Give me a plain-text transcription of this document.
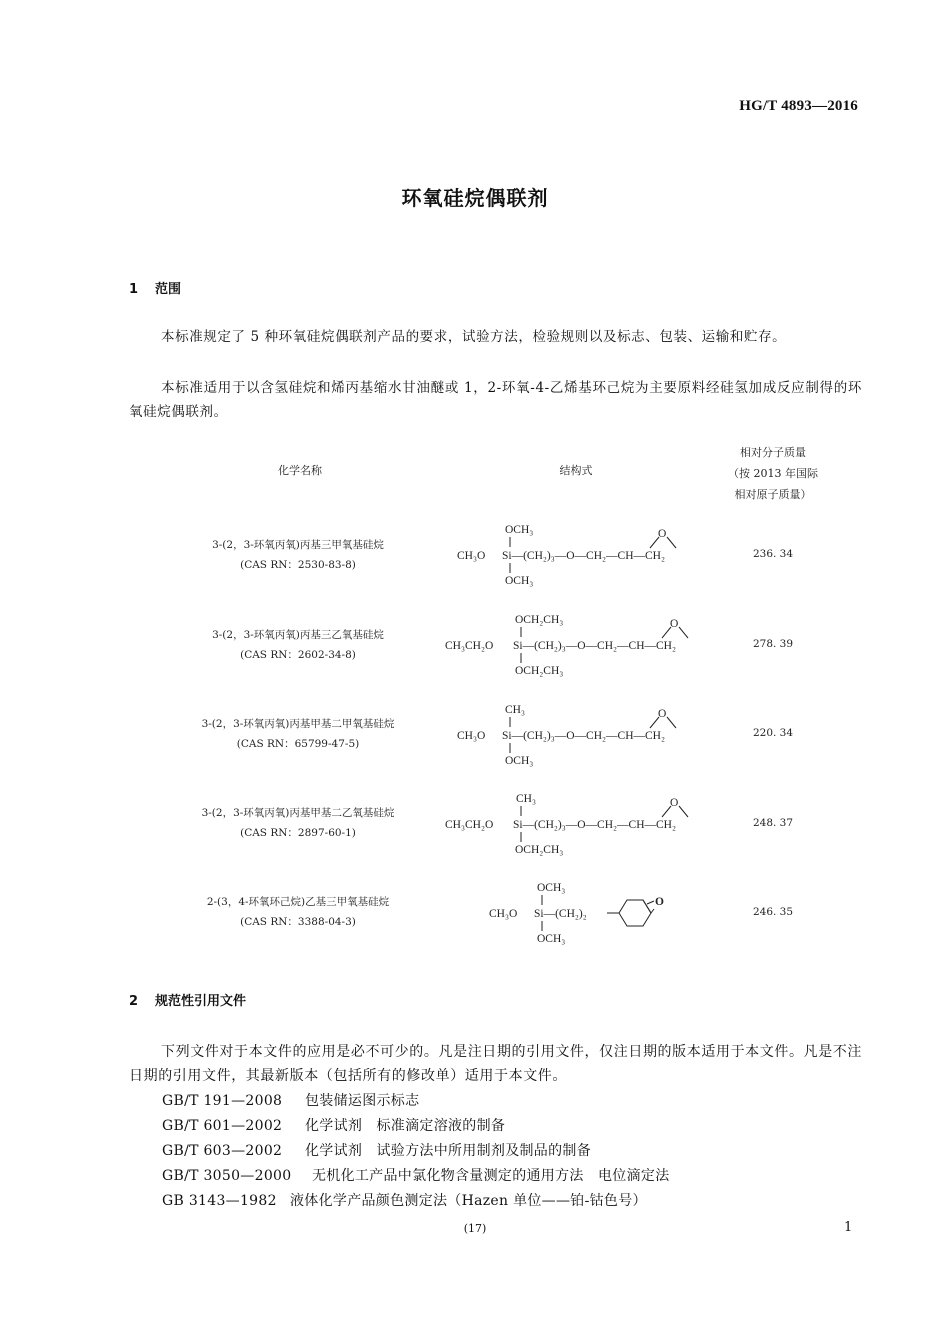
HG/T 4893—2016
环氧硅烷偶联剂
1 范围
本标准规定了 5 种环氧硅烷偶联剂产品的要求，试验方法，检验规则以及标志、包装、运输和贮存。
本标准适用于以含氢硅烷和烯丙基缩水甘油醚或 1，2-环氧-4-乙烯基环己烷为主要原料经硅氢加成反应制得的环氧硅烷偶联剂。
化学名称	结构式
相对分子质量
（按 2013 年国际
相对原子质量）
3-(2，3-环氧丙氧)丙基三甲氧基硅烷
(CAS RN：2530-83-8)
OCH₃
CH₃O Si—(CH₂)₃—O—CH₂—CH—CH₂
OCH₃
O
236. 34
3-(2，3-环氧丙氧)丙基三乙氧基硅烷
(CAS RN：2602-34-8)
OCH₂CH₃
CH₃CH₂O Si—(CH₂)₃—O—CH₂—CH—CH₂
OCH₂CH₃
O
278. 39
3-(2，3-环氧丙氧)丙基甲基二甲氧基硅烷
(CAS RN：65799-47-5)
CH₃
CH₃O Si—(CH₂)₃—O—CH₂—CH—CH₂
OCH₃
O
220. 34
3-(2，3-环氧丙氧)丙基甲基二乙氧基硅烷
(CAS RN：2897-60-1)
CH₃
CH₃CH₂O Si—(CH₂)₃—O—CH₂—CH—CH₂
OCH₂CH₃
O
248. 37
2-(3，4-环氧环己烷)乙基三甲氧基硅烷
(CAS RN：3388-04-3)
OCH₃
CH₃O Si—(CH₂)₂
OCH₃
O
246. 35
2 规范性引用文件
下列文件对于本文件的应用是必不可少的。凡是注日期的引用文件，仅注日期的版本适用于本文件。凡是不注日期的引用文件，其最新版本（包括所有的修改单）适用于本文件。
GB/T 191—2008 包装储运图示标志
GB/T 601—2002 化学试剂　标准滴定溶液的制备
GB/T 603—2002 化学试剂　试验方法中所用制剂及制品的制备
GB/T 3050—2000 无机化工产品中氯化物含量测定的通用方法　电位滴定法
GB 3143—1982 液体化学产品颜色测定法（Hazen 单位——铂-钴色号）
(17)	1
